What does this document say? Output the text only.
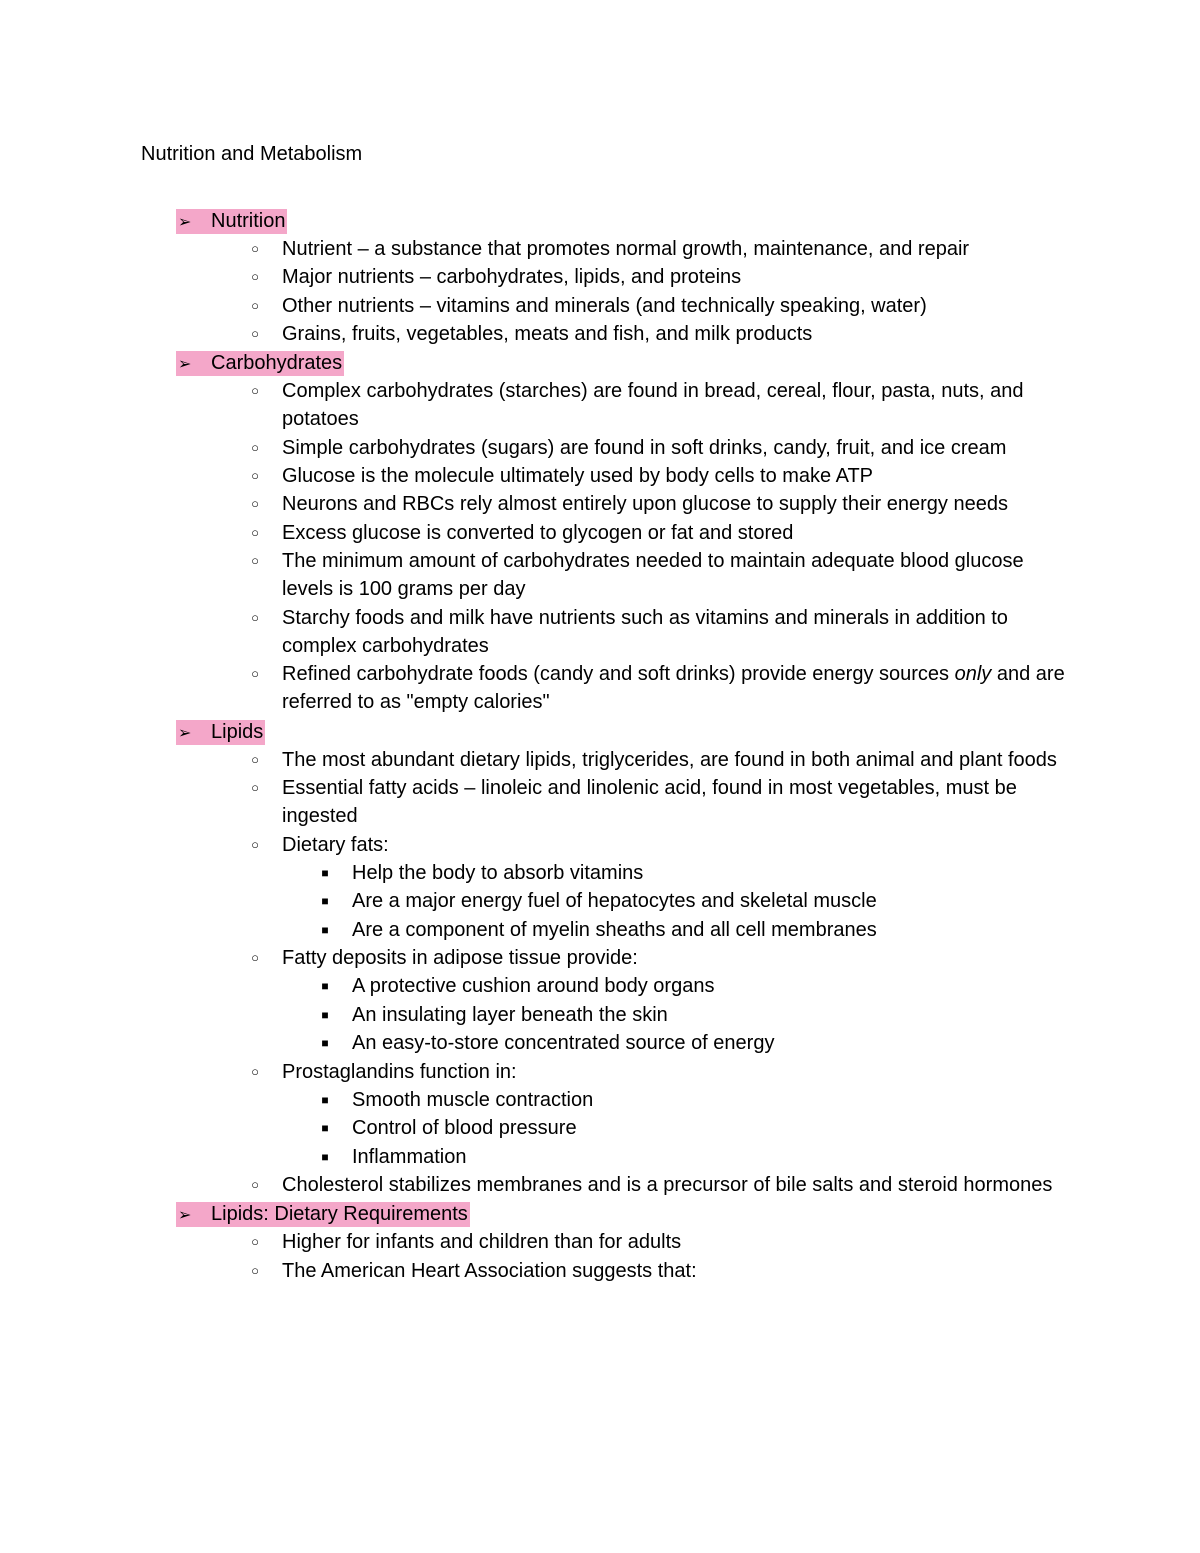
Nutrition and Metabolism
➢ Nutrition
○ Nutrient – a substance that promotes normal growth, maintenance, and repair
○ Major nutrients – carbohydrates, lipids, and proteins
○ Other nutrients – vitamins and minerals (and technically speaking, water)
○ Grains, fruits, vegetables, meats and fish, and milk products
➢ Carbohydrates
○ Complex carbohydrates (starches) are found in bread, cereal, flour, pasta, nuts, and potatoes
○ Simple carbohydrates (sugars) are found in soft drinks, candy, fruit, and ice cream
○ Glucose is the molecule ultimately used by body cells to make ATP
○ Neurons and RBCs rely almost entirely upon glucose to supply their energy needs
○ Excess glucose is converted to glycogen or fat and stored
○ The minimum amount of carbohydrates needed to maintain adequate blood glucose levels is 100 grams per day
○ Starchy foods and milk have nutrients such as vitamins and minerals in addition to complex carbohydrates
○ Refined carbohydrate foods (candy and soft drinks) provide energy sources only and are referred to as "empty calories"
➢ Lipids
○ The most abundant dietary lipids, triglycerides, are found in both animal and plant foods
○ Essential fatty acids – linoleic and linolenic acid, found in most vegetables, must be ingested
○ Dietary fats:
■ Help the body to absorb vitamins
■ Are a major energy fuel of hepatocytes and skeletal muscle
■ Are a component of myelin sheaths and all cell membranes
○ Fatty deposits in adipose tissue provide:
■ A protective cushion around body organs
■ An insulating layer beneath the skin
■ An easy-to-store concentrated source of energy
○ Prostaglandins function in:
■ Smooth muscle contraction
■ Control of blood pressure
■ Inflammation
○ Cholesterol stabilizes membranes and is a precursor of bile salts and steroid hormones
➢ Lipids: Dietary Requirements
○ Higher for infants and children than for adults
○ The American Heart Association suggests that:
